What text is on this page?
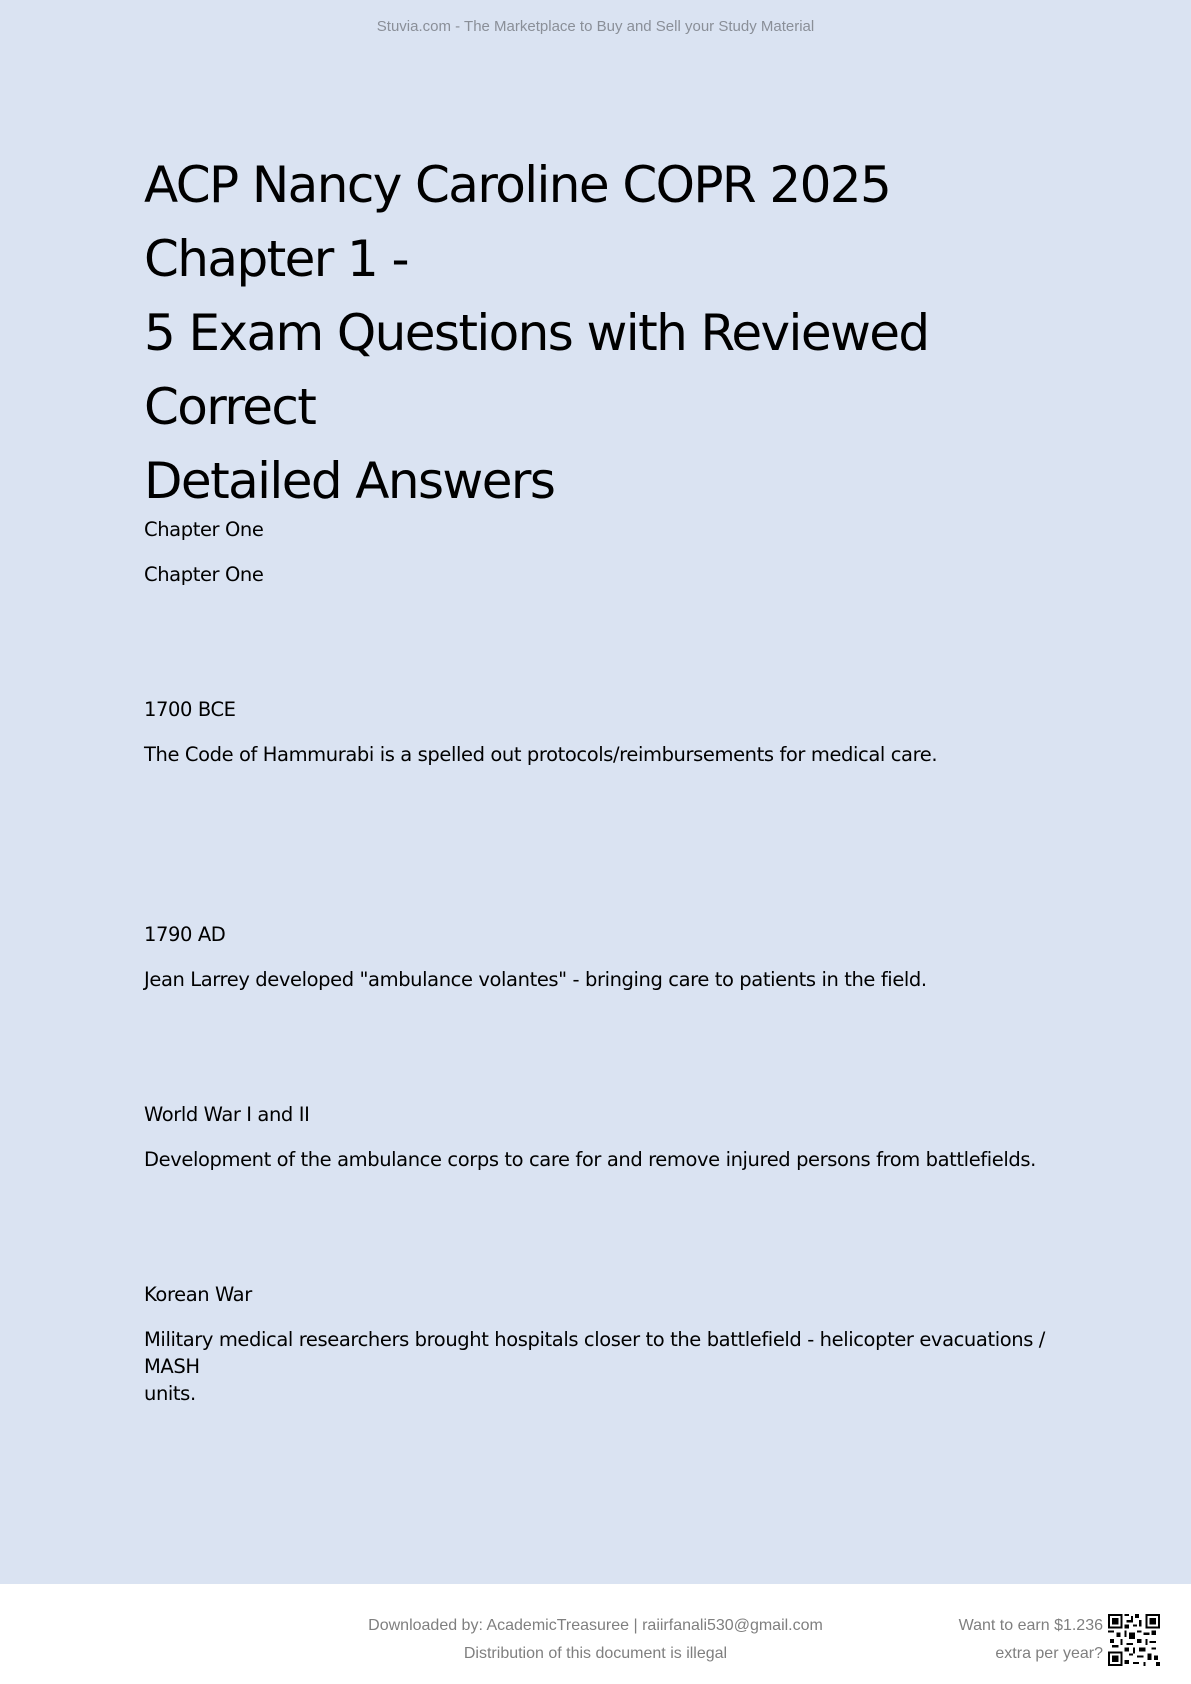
Stuvia.com - The Marketplace to Buy and Sell your Study Material
ACP Nancy Caroline COPR 2025 Chapter 1 -
5 Exam Questions with Reviewed Correct
Detailed Answers
Chapter One
Chapter One
1700 BCE
The Code of Hammurabi is a spelled out protocols/reimbursements for medical care.
1790 AD
Jean Larrey developed "ambulance volantes" - bringing care to patients in the field.
World War I and II
Development of the ambulance corps to care for and remove injured persons from battlefields.
Korean War
Military medical researchers brought hospitals closer to the battlefield - helicopter evacuations / MASH
units.
Downloaded by: AcademicTreasuree | raiirfanali530@gmail.com
Distribution of this document is illegal
Want to earn $1.236
extra per year?
